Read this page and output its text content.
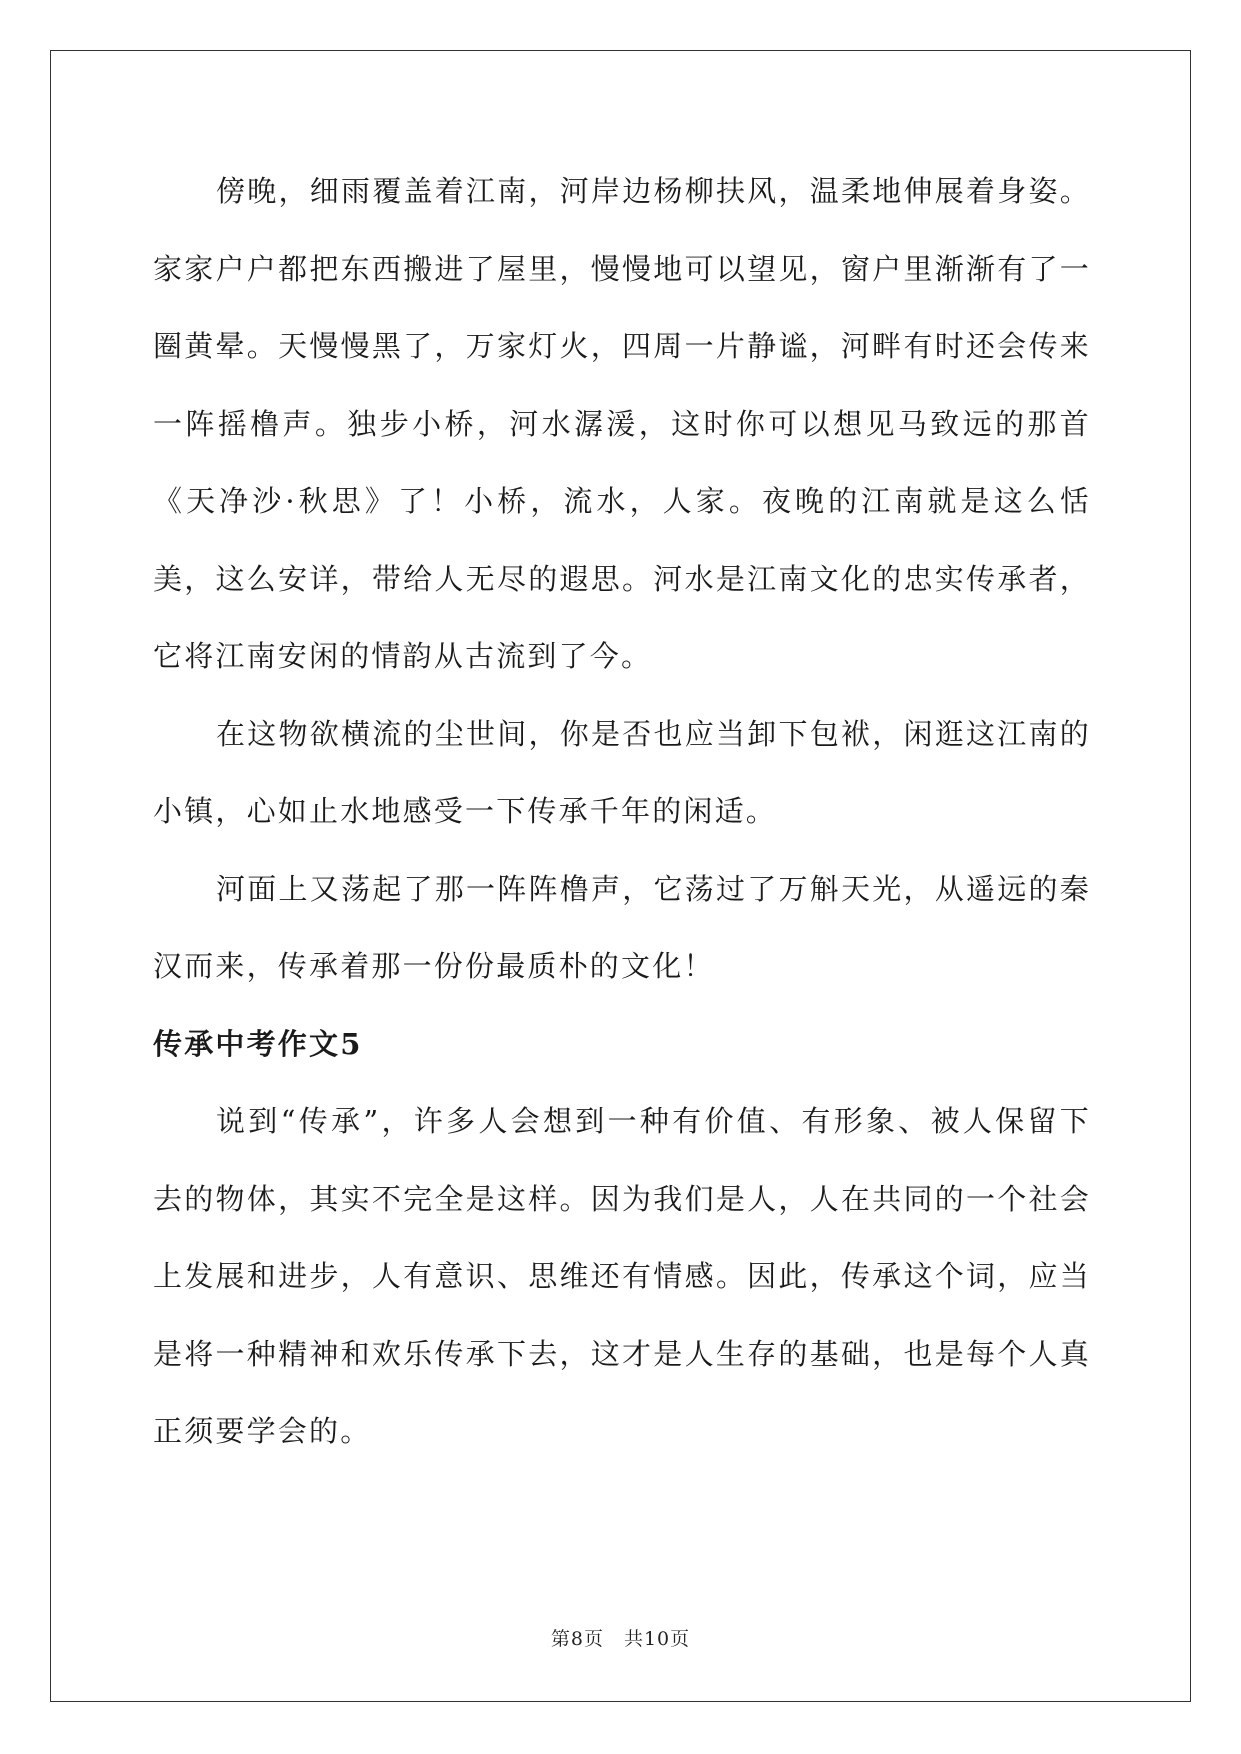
傍晚，细雨覆盖着江南，河岸边杨柳扶风，温柔地伸展着身姿。家家户户都把东西搬进了屋里，慢慢地可以望见，窗户里渐渐有了一圈黄晕。天慢慢黑了，万家灯火，四周一片静谧，河畔有时还会传来一阵摇橹声。独步小桥，河水潺湲，这时你可以想见马致远的那首《天净沙·秋思》了！小桥，流水，人家。夜晚的江南就是这么恬美，这么安详，带给人无尽的遐思。河水是江南文化的忠实传承者，它将江南安闲的情韵从古流到了今。

在这物欲横流的尘世间，你是否也应当卸下包袱，闲逛这江南的小镇，心如止水地感受一下传承千年的闲适。

河面上又荡起了那一阵阵橹声，它荡过了万斛天光，从遥远的秦汉而来，传承着那一份份最质朴的文化！

传承中考作文5

说到“传承”，许多人会想到一种有价值、有形象、被人保留下去的物体，其实不完全是这样。因为我们是人，人在共同的一个社会上发展和进步，人有意识、思维还有情感。因此，传承这个词，应当是将一种精神和欢乐传承下去，这才是人生存的基础，也是每个人真正须要学会的。

第8页 共10页
